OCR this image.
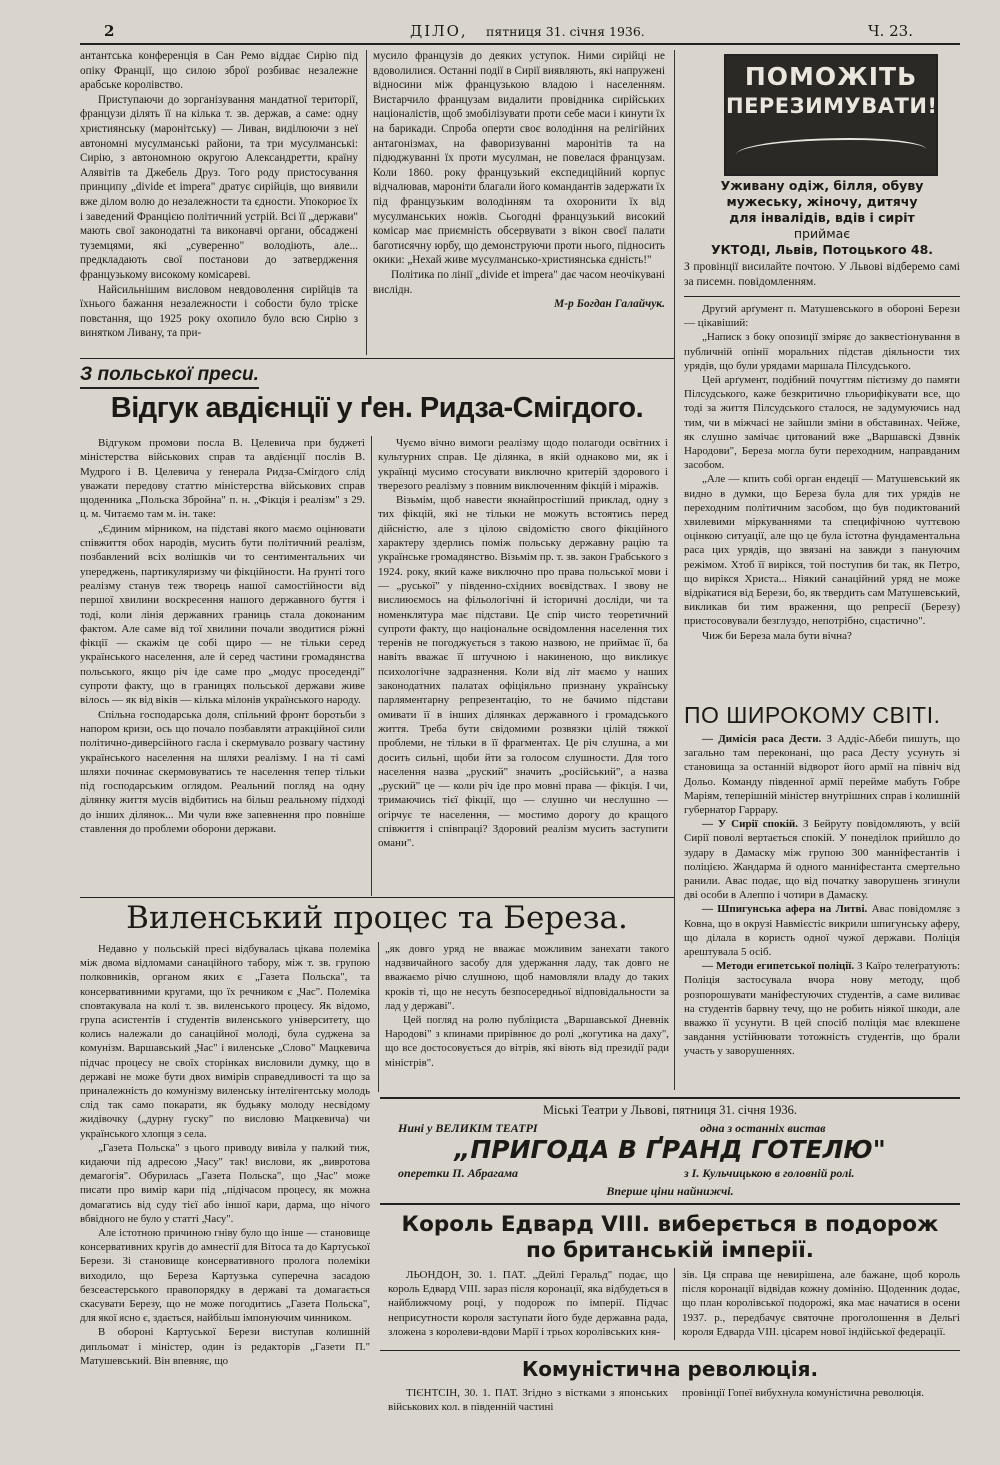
2	ДІЛО, пятниця 31. січня 1936.	Ч. 23.

антантська конференція в Сан Ремо віддає Сирію під опіку Франції, що силою зброї розбиває незалежне арабське королівство.

Приступаючи до зорганізування мандатної території, французи ділять її на кілька т. зв. держав, а саме: одну християнську (маронітську) — Ливан, виділюючи з неї автономні мусулманські райони, та три мусулманські: Сирію, з автономною округою Александретти, країну Алявітів та Джебель Друз. Того роду пристосування принципу „divide et impera" дратує сирійців, що виявили вже ділом волю до незалежности та єдности. Упокорює їх і заведений Францією політичний устрій. Всі її „держави" мають свої законодатні та виконавчі органи, обсаджені туземцями, які „суверенно" володіють, але... предкладають свої постанови до затвердження французькому високому комісареві.

Найсильнішим висловом невдоволення сирійців та їхнього бажання незалежности і собости було тріскe повстання, що 1925 року охопило було всю Сирію з винятком Ливану, та при-

мусило французів до деяких уступок. Ними сирійці не вдоволилися. Останні події в Сирії виявляють, які напружені відносини між французькою владою і населенням. Вистарчило французам видалити провідника сирійських націоналістів, щоб змобілізувати проти себе маси і кинути їх на барикади. Спроба оперти своє володіння на релігійних антагонізмах, на фаворизуванні маронітів та на підюджуванні їх проти мусулман, не повелася французам. Коли 1860. року французький експедиційний корпус відчалював, мароніти благали його командантів задержати їх під французьким володінням та охоронити їх від мусулманських ножів. Сьогодні французький високий комісар має приємність обсервувати з вікон своєї палати баготисячну юрбу, що демонструючи проти нього, підносить окики: „Нехай живе мусулмансько-християнська єдність!"

Політика по лінії „divide et impera" дає часом неочікувані вислідн.

М-р Богдан Галайчук.
ПОМОЖІТЬ
ПЕРЕЗИМУВАТИ!
Уживану одіж, білля, обуву
мужеську, жіночу, дитячу
для інвалідів, вдів і сиріт
приймає
УКТОДІ, Львів, Потоцького 48.
З провінції висилайте почтою. У Львові відберемо самі за писемн. повідомленням.
З польської преси.
Відгук авдієнції у ґен. Ридза-Смігдого.

Відгуком промови посла В. Целевича при буджеті міністерства військових справ та авдієнції послів В. Мудрого і В. Целевича у ґенерала Ридза-Смігдого слід уважати передову статтю міністерства військових справ щоденника „Польска Збройна" п. н. „Фікція і реалізм" з 29. ц. м. Читаємо там м. ін. таке:

„Єдиним мірником, на підставі якого маємо оцінювати співжиття обох народів, мусить бути політичний реалізм, позбавлений всіх волішків чи то сентиментальних чи упереджень, партикуляризму чи фікційности. На ґрунті того реалізму станув теж творець нашої самостійности від першої хвилини воскресення нашого державного буття і тоді, коли лінія державних границь стала доконаним фактом. Але саме від тої хвилини почали зводитися ріжні фікції — скажім це собі щиро — не тільки серед українського населення, але й серед частини громадянства польського, якщо річ іде саме про „модус проседенді" супроти факту, що в границях польської держави живе вілось — як від віків — кілька мілонів українського народу.

Спільна господарська доля, спільний фронт боротьби з напором кризи, ось що почало позбавляти атракційної сили політично-диверсійного гасла і скермувало розвагу частину українського населення на шляхи реалізму. І на ті самі шляхи починає скермовуватись те населення тепер тільки під господарським оглядом. Реальний погляд на одну ділянку життя мусів відбитись на більш реальному підході до інших ділянок... Ми чули вже запевнення про повніше ставлення до проблеми оборони держави.

Чуємо вічно вимоги реалізму щодо полагоди освітних і культурних справ. Це ділянка, в якій однаково ми, як і українці мусимо стосувати виключно критерій здорового і тверезого реалізму з повним виключенням фікцій і міражів.

Візьмім, щоб навести якнайпростіший приклад, одну з тих фікцій, які не тільки не можуть встоятись перед дійсністю, але з цілою свідомістю свого фікційного характеру здерлись поміж польську державну рацію та українське громадянство. Візьмім пр. т. зв. закон Грабського з 1924. року, який каже виключно про права польської мови і — „руської" у південно-східних воєвідствах. І звову не вислиюємось на фільологічні й історичні досліди, чи та номенклятура має підстави. Це спір чисто теоретичний супроти факту, що національне освідомлення населення тих теренів не погоджується з такою назвою, не приймає її, ба навіть вважає її штучною і накиненою, що викликує психологічне задразнення. Коли від літ маємо у наших законодатних палатах офіціяльно признану українську парляментарну репрезентацію, то не бачимо підстави омивати її в інших ділянках державного і громадського життя. Треба бути свідомими розвязки цілій тяжкої проблеми, не тільки в її фрагментах. Це річ слушна, а ми досить сильні, щоби йти за голосом слушности. Для того населення назва „руский" значить „російський", а назва „руский" це — коли річ іде про мовні права — фікція. І чи, тримаючись тієї фікції, що — слушно чи неслушно — огірчує те населення, — мостимо дорогу до кращого співжиття і співпраці? Здоровий реалізм мусить заступити омани".

Виленський процес та Береза.

Недавно у польській пресі відбувалась цікава полеміка між двома відломами санаційного табору, між т. зв. групою полковників, органом яких є „Газета Польска", та консервативними кругами, що їх речником є „Час". Полеміка сповтакувала на колі т. зв. виленського процесу. Як відомо, група асистентів і студентів виленського університету, що колись належали до санаційної молоді, була суджена за комунізм. Варшавський „Час" і виленське „Слово" Мацкевича підчас процесу не своїх сторінках висловили думку, що в державі не може бути двох вимірів справедливості та що за приналежність до комунізму виленську інтелігентську молодь слід так само покарати, як будьяку молоду несвідому жидівочку („дурну гуску" по висловю Мацкевича) чи українського хлопця з села.

„Газета Польска" з цього приводу вивіла у палкий тиж, кидаючи під адресою „Часу" так! вислови, як „вивротова демагогія". Обурилась „Газета Польска", що „Час" може писати про вимір кари під „підічасом процесу, як можна домагатись від суду тієї або іншої кари, дарма, що нічого вбвідного не було у статті „Часу".

Але істотною причиною гніву було що інше — становище консервативних кругів до амнестії для Вітоса та до Картуської Берези. Зі становище консервативного пролога полеміки виходило, що Береза Картузька суперечна засадою безсеастерського правопорядку в державі та домагається скасувати Березу, що не може погодитись „Газета Польска", для якої ясно є, здається, найбільш імпонуючим чинником.

В обороні Картуської Берези виступав колишній дипльомат і міністер, один із редакторів „Газети П." Матушевський. Він впевняє, що

„як довго уряд не вважає можливим занехати такого надзвичайного засобу для удержання ладу, так довго не вважаємо річю слушною, щоб намовляли владу до таких кроків ті, що не несуть безпосередньої відповідальности за лад у державі".

Цей погляд на ролю публіциста „Варшавської Дневнік Народові" з кпинами прирівнює до ролі „когутика на даху", що все достосовується до вітрів, які віють від президії ради міністрів".

Другий арґумент п. Матушевського в обороні Берези — цікавіший:

„Написк з боку опозиції зміряє до заквестіонування в публичній опінії моральних підстав діяльности тих урядів, що були урядами маршала Пілсудського.

Цей арґумент, подібний почуттям пієтизму до памяти Пілсудського, каже безкритично гльорифікувати все, що тоді за життя Пілсудського сталося, не задумуючись над тим, чи в міжчасі не зайшли зміни в обставинах. Чейже, як слушно замічає цитований вже „Варшавскі Дзвнік Народови", Береза могла бути переходним, направданим засобом.

„Але — кпить собі орган ендеції — Матушевський як видно в думки, що Береза була для тих урядів не переходним політичним засобом, що був подиктований хвилевими міркуваннями та специфічною чуттєвою оцінкою ситуації, але що це була істотна фундаментальна раса цих урядів, що звязані на завжди з пануючим режімом. Хтоб її вирікся, той поступив би так, як Петро, що вирікся Христа... Ніякий санаційний уряд не може відрікатися від Берези, бо, як твердить сам Матушевський, викликав би тим враження, що репресії (Березу) пристосовували безглуздо, непотрібно, сцастично".

Чиж би Береза мала бути вічна?

ПО ШИРОКОМУ СВІТІ.

— Димісія раса Дести. З Аддіс-Абеби пишуть, що загально там переконані, що раса Десту усунуть зі становища за останній відворот його армії на північ від Дольо. Команду південної армії перейме мабуть Гобре Маріям, теперішній міністер внутрішних справ і колишній губернатор Гаррару.

— У Сирії спокій. З Бейруту повідомляють, у всій Сирії поволі вертається спокій. У понеділок прийшло до зудару в Дамаску між групою 300 манніфестантів і поліцією. Жандарма й одного манніфестанта смертельно ранили. Авас подає, що від початку заворушень згинули дві особи в Алеппо і чотири в Дамаску.

— Шпигунська афера на Литві. Авас повідомляє з Ковна, що в окрузі Навмієстіс викрили шпигунську аферу, що ділала в користь одної чужої держави. Поліція арештувала 5 осіб.

— Методи египетської поліції. З Каїро телеґратують: Поліція застосувала вчора нову методу, щоб розпорошувати маніфестуючих студентів, а саме виливає на студентів барвну течу, що не робить ніякої шкоди, але вважко її усунути. В цей спосіб поліція має влекшене завдання устійнювати тотожність студентів, що брали участь у заворушеннях.

Міські Театри у Львові, пятниця 31. січня 1936.
Нині у ВЕЛИКІМ ТЕАТРІ	одна з останніх вистав
„ПРИГОДА В ҐРАНД ГОТЕЛЮ"
оперетки П. Абрагама	з І. Кульчицькою в головній ролі.
Вперше ціни найнижчі.
Король Едвард VIII. виберється в подорож
по британській імперії.

ЛЬОНДОН, 30. 1. ПАТ. „Дейлі Геральд" подає, що король Едвард VIII. зараз після коронації, яка відбудеться в найближчому році, у подорож по імперії. Підчас неприсутности короля заступати його буде державна рада, зложена з королеви-вдови Марії і трьох королівських кня-

зів. Ця справа ще невирішена, але бажане, щоб король після коронації відвідав кожну домінію. Щоденник додає, що план королівської подорожі, яка має начатися в осени 1937. р., передбачує святочне проголошення в Дельгі короля Едварда VIII. цісарем нової індійської федерації.

Комуністична революція.

ТІЄНТСІН, 30. 1. ПАТ. Згідно з вістками з японських військових кол. в південній частині

провінції Гопеї вибухнула комуністична революція.
